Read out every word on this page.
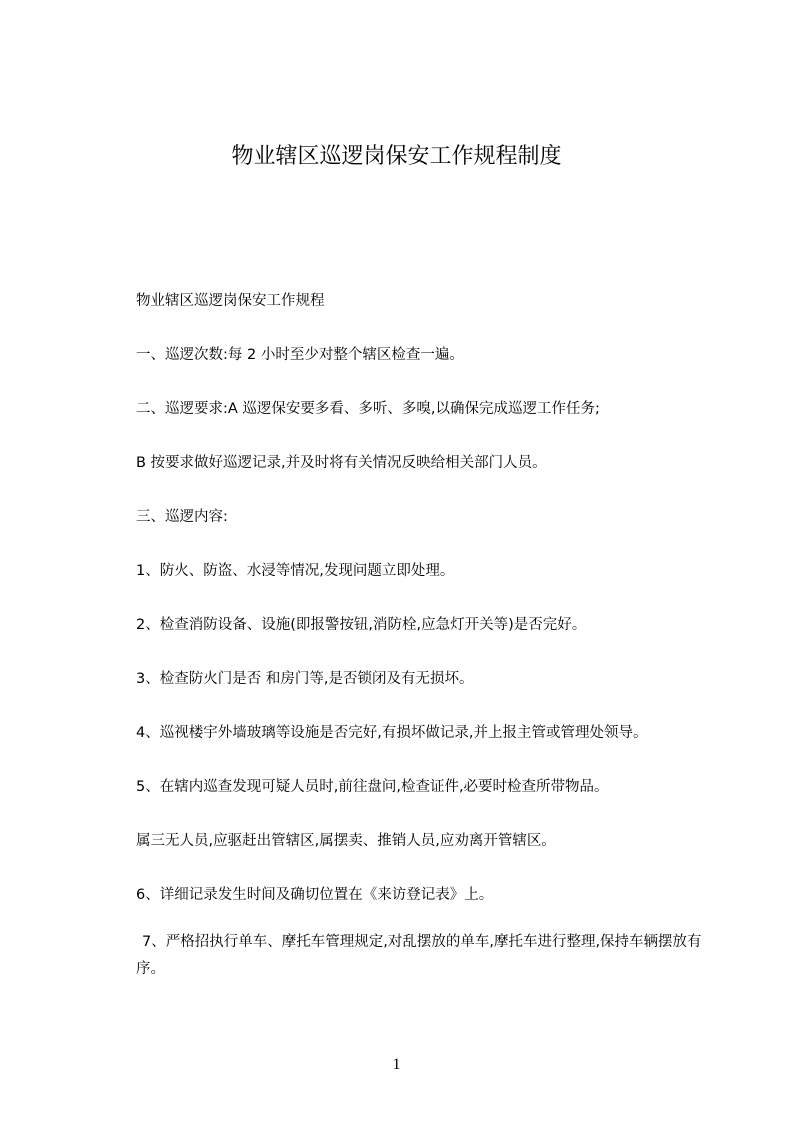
物业辖区巡逻岗保安工作规程制度
物业辖区巡逻岗保安工作规程
一、巡逻次数:每 2 小时至少对整个辖区检查一遍。
二、巡逻要求:A 巡逻保安要多看、多听、多嗅,以确保完成巡逻工作任务;
B 按要求做好巡逻记录,并及时将有关情况反映给相关部门人员。
三、巡逻内容:
1、防火、防盗、水浸等情况,发现问题立即处理。
2、检查消防设备、设施(即报警按钮,消防栓,应急灯开关等)是否完好。
3、检查防火门是否 和房门等,是否锁闭及有无损坏。
4、巡视楼宇外墙玻璃等设施是否完好,有损坏做记录,并上报主管或管理处领导。
5、在辖内巡查发现可疑人员时,前往盘问,检查证件,必要时检查所带物品。
属三无人员,应驱赶出管辖区,属摆卖、推销人员,应劝离开管辖区。
6、详细记录发生时间及确切位置在《来访登记表》上。
7、严格招执行单车、摩托车管理规定,对乱摆放的单车,摩托车进行整理,保持车辆摆放有序。
1
